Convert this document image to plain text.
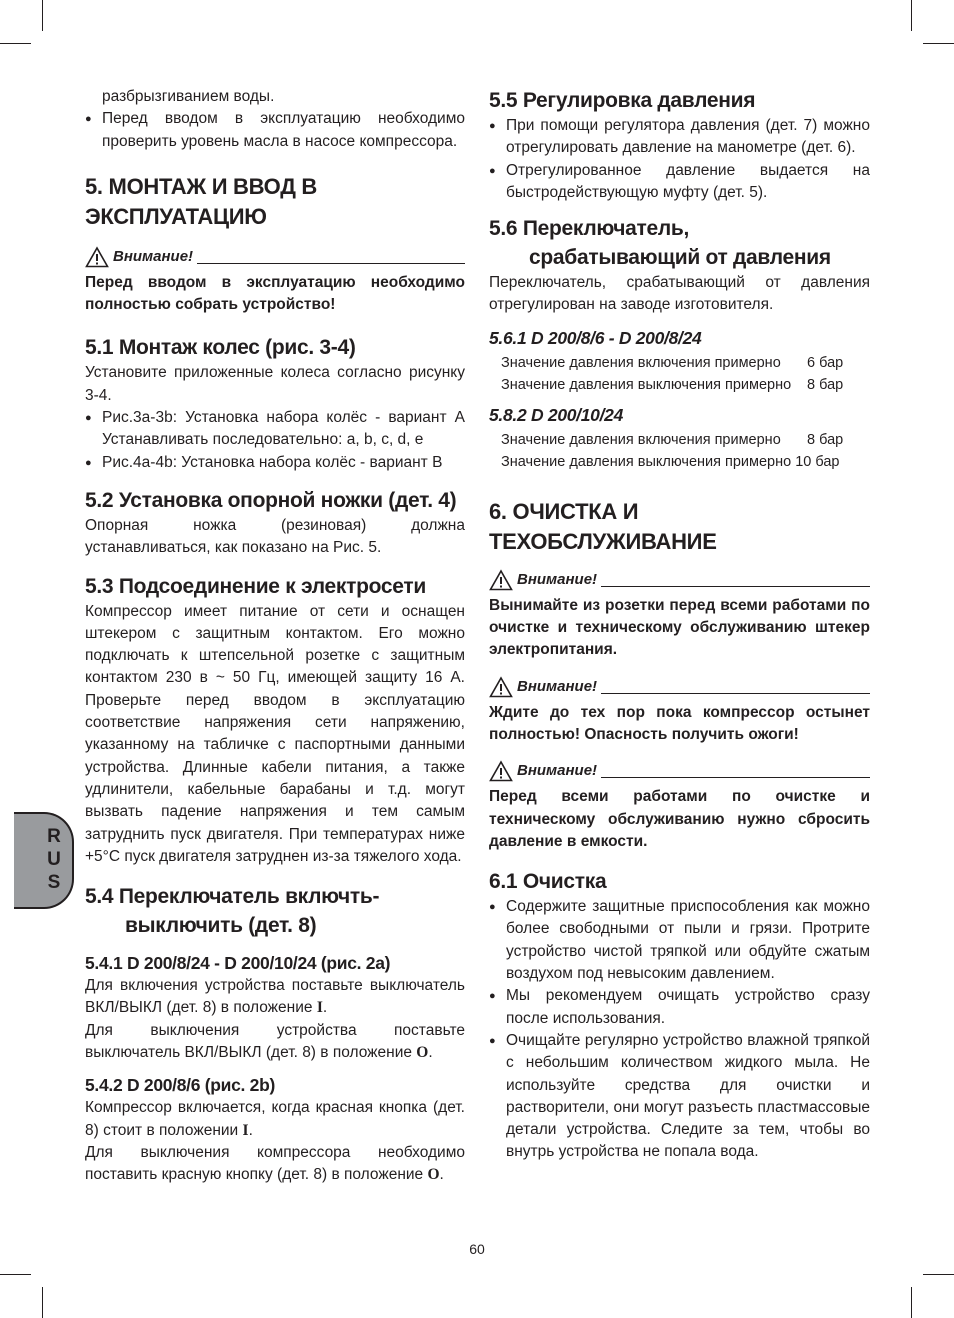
R
U
S

разбрызгиванием воды.

● Перед вводом в эксплуатацию необходимо проверить уровень масла в насосе компрессора.
5. МОНТАЖ И ВВОД В ЭКСПЛУАТАЦИЮ
Внимание!
Перед вводом в эксплуатацию необходимо полностью собрать устройство!
5.1 Монтаж колес (рис. 3-4)

Установите приложенные колеса согласно рисунку 3-4.

● Рис.3a-3b: Установка набора колёс - вариант A Устанавливать последовательно: a, b, c, d, e
● Рис.4a-4b: Установка набора колёс - вариант B
5.2 Установка опорной ножки (дет. 4)

Опорная ножка (резиновая) должна устанавливаться, как показано на Рис. 5.

5.3 Подсоединение к электросети

Компрессор имеет питание от сети и оснащен штекером с защитным контактом. Его можно подключать к штепсельной розетке с защитным контактом 230 в ~ 50 Гц, имеющей защиту 16 А. Проверьте перед вводом в эксплуатацию соответствие напряжения сети напряжению, указанному на табличке с паспортными данными устройства. Длинные кабели питания, а также удлинители, кабельные барабаны и т.д. могут вызвать падение напряжения и тем самым затруднить пуск двигателя. При температурах ниже +5°C пуск двигателя затруднен из-за тяжелого хода.

5.4 Переключатель включть-
выключить (дет. 8)
5.4.1 D 200/8/24 - D 200/10/24 (рис. 2a)

Для включения устройства поставьте выключатель ВКЛ/ВЫКЛ (дет. 8) в положение I.

Для выключения устройства поставьте выключатель ВКЛ/ВЫКЛ (дет. 8) в положение O.

5.4.2 D 200/8/6 (рис. 2b)

Компрессор включается, когда красная кнопка (дет. 8) стоит в положении I.

Для выключения компрессора необходимо поставить красную кнопку (дет. 8) в положение O.

5.5 Регулировка давления
● При помощи регулятора давления (дет. 7) можно отрегулировать давление на манометре (дет. 6).
● Отрегулированное давление выдается на быстродействующую муфту (дет. 5).
5.6 Переключатель,
срабатывающий от давления

Переключатель, срабатывающий от давления отрегулирован на заводе изготовителя.

5.6.1 D 200/8/6 - D 200/8/24
Значение давления включения примерно	6 бар
Значение давления выключения примерно	8 бар
5.8.2 D 200/10/24
Значение давления включения примерно	8 бар
Значение давления выключения примерно 10 бар
6. ОЧИСТКА И ТЕХОБСЛУЖИВАНИЕ
Внимание!
Вынимайте из розетки перед всеми работами по очистке и техническому обслуживанию штекер электропитания.
Внимание!
Ждите до тех пор пока компрессор остынет полностью! Опасность получить ожоги!
Внимание!
Перед всеми работами по очистке и техническому обслуживанию нужно сбросить давление в емкости.
6.1 Очистка
● Содержите защитные приспособления как можно более свободными от пыли и грязи. Протрите устройство чистой тряпкой или обдуйте сжатым воздухом под невысоким давлением.
● Мы рекомендуем очищать устройство сразу после использования.
● Очищайте регулярно устройство влажной тряпкой с небольшим количеством жидкого мыла. Не используйте средства для очистки и растворители, они могут разъесть пластмассовые детали устройства. Следите за тем, чтобы во внутрь устройства не попала вода.
60
